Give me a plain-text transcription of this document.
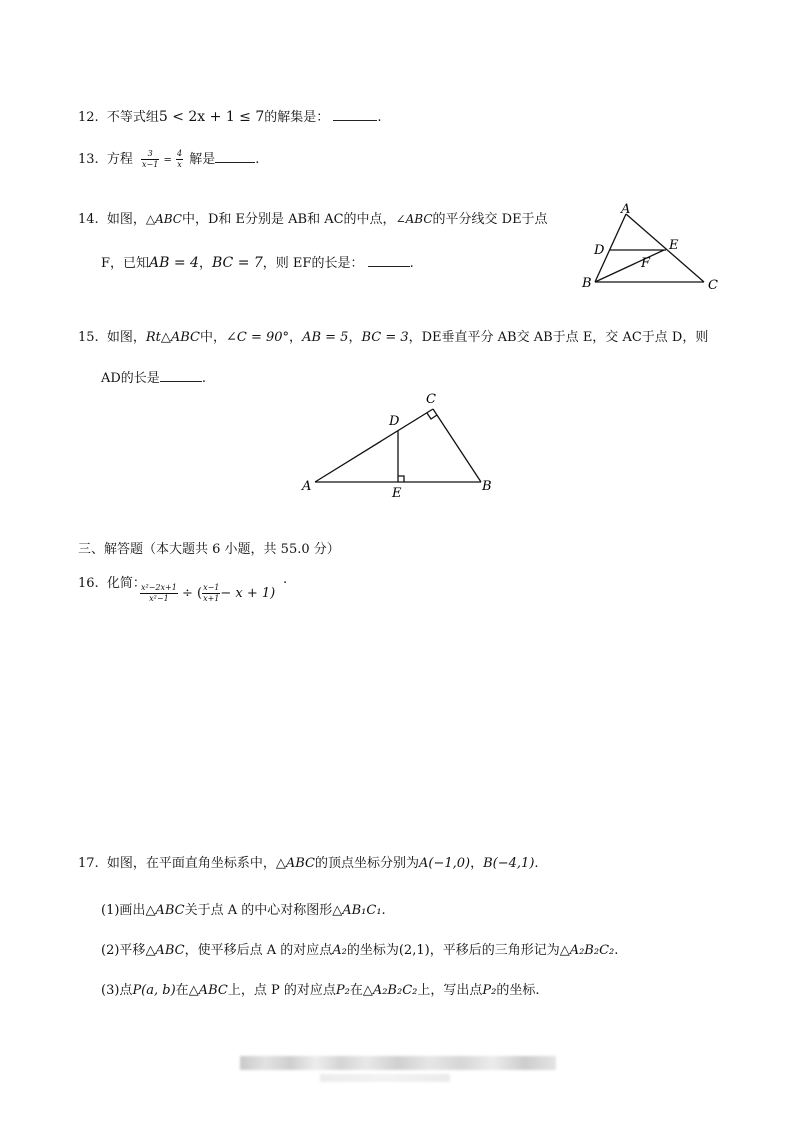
12. 不等式组5 < 2x + 1 ≤ 7的解集是：	.
13. 方程 $\frac{3}{x-1} = \frac{4}{x}$ 解是	.
14. 如图，△ABC中，D和 E分别是 AB和 AC的中点，∠ABC的平分线交 DE于点
F，已知AB = 4，BC = 7，则 EF的长是：	.
A
D	E
F
B	C
15. 如图，Rt△ABC中，∠C = 90°，AB = 5，BC = 3，DE垂直平分 AB交 AB于点 E，交 AC于点 D，则
AD的长是	.
C
D
A	E	B
三、解答题（本大题共 6 小题，共 55.0 分）
16. 化简：
$\frac{\text{x²−2x+1}}{\text{x²−1}}$ ÷ ( $\frac{x-1}{x+1} - x + 1$)
.
17. 如图，在平面直角坐标系中，△ABC的顶点坐标分别为A(−1,0)，B(−4,1).
(1)画出△ABC关于点 A 的中心对称图形△AB₁C₁.
(2)平移△ABC，使平移后点 A 的对应点A₂的坐标为(2,1)，平移后的三角形记为△A₂B₂C₂.
(3)点P(a, b)在△ABC上，点 P 的对应点P₂在△A₂B₂C₂上，写出点P₂的坐标.
